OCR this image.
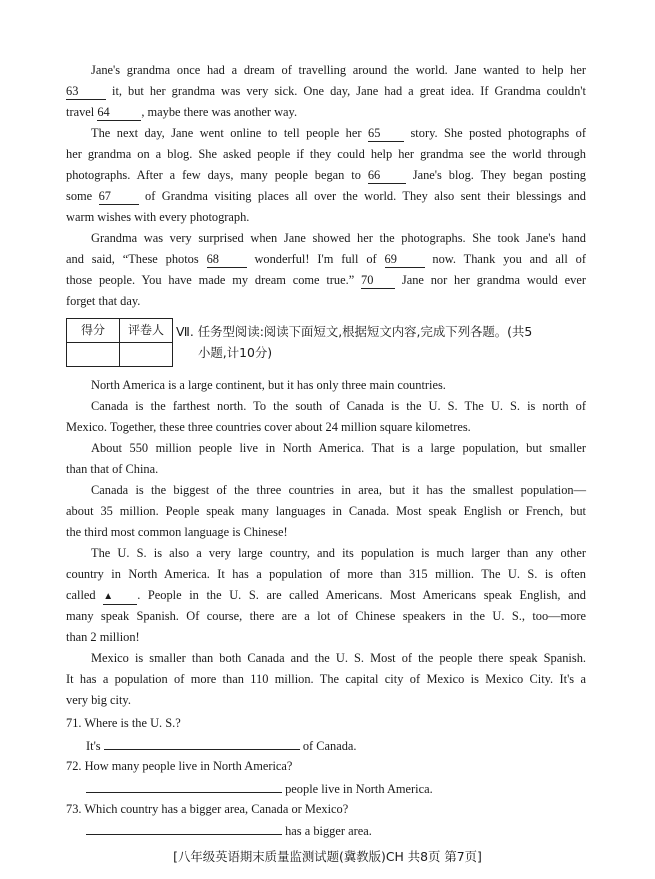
Jane's grandma once had a dream of travelling around the world. Jane wanted to help her
63 it, but her grandma was very sick. One day, Jane had a great idea. If Grandma couldn't
travel 64	, maybe there was another way.
The next day, Jane went online to tell people her 65 story. She posted photographs of
her grandma on a blog. She asked people if they could help her grandma see the world through
photographs. After a few days, many people began to 66 Jane's blog. They began posting
some 67 of Grandma visiting places all over the world. They also sent their blessings and
warm wishes with every photograph.
Grandma was very surprised when Jane showed her the photographs. She took Jane's hand
and said, “These photos 68 wonderful! I'm full of 69 now. Thank you and all of
those people. You have made my dream come true.” 70 Jane nor her grandma would ever
forget that day.
得分	评卷人
	Ⅶ. 任务型阅读:阅读下面短文,根据短文内容,完成下列各题。(共5
小题,计10分)
North America is a large continent, but it has only three main countries.
Canada is the farthest north. To the south of Canada is the U. S. The U. S. is north of
Mexico. Together, these three countries cover about 24 million square kilometres.
About 550 million people live in North America. That is a large population, but smaller
than that of China.
Canada is the biggest of the three countries in area, but it has the smallest population—
about 35 million. People speak many languages in Canada. Most speak English or French, but
the third most common language is Chinese!
The U. S. is also a very large country, and its population is much larger than any other
country in North America. It has a population of more than 315 million. The U. S. is often
called ▲ . People in the U. S. are called Americans. Most Americans speak English, and
many speak Spanish. Of course, there are a lot of Chinese speakers in the U. S., too—more
than 2 million!
Mexico is smaller than both Canada and the U. S. Most of the people there speak Spanish.
It has a population of more than 110 million. The capital city of Mexico is Mexico City. It's a
very big city.
71. Where is the U. S.?
It's	of Canada.
72. How many people live in North America?
people live in North America.
73. Which country has a bigger area, Canada or Mexico?
has a bigger area.
[八年级英语期末质量监测试题(冀教版)CH 共8页 第7页]
